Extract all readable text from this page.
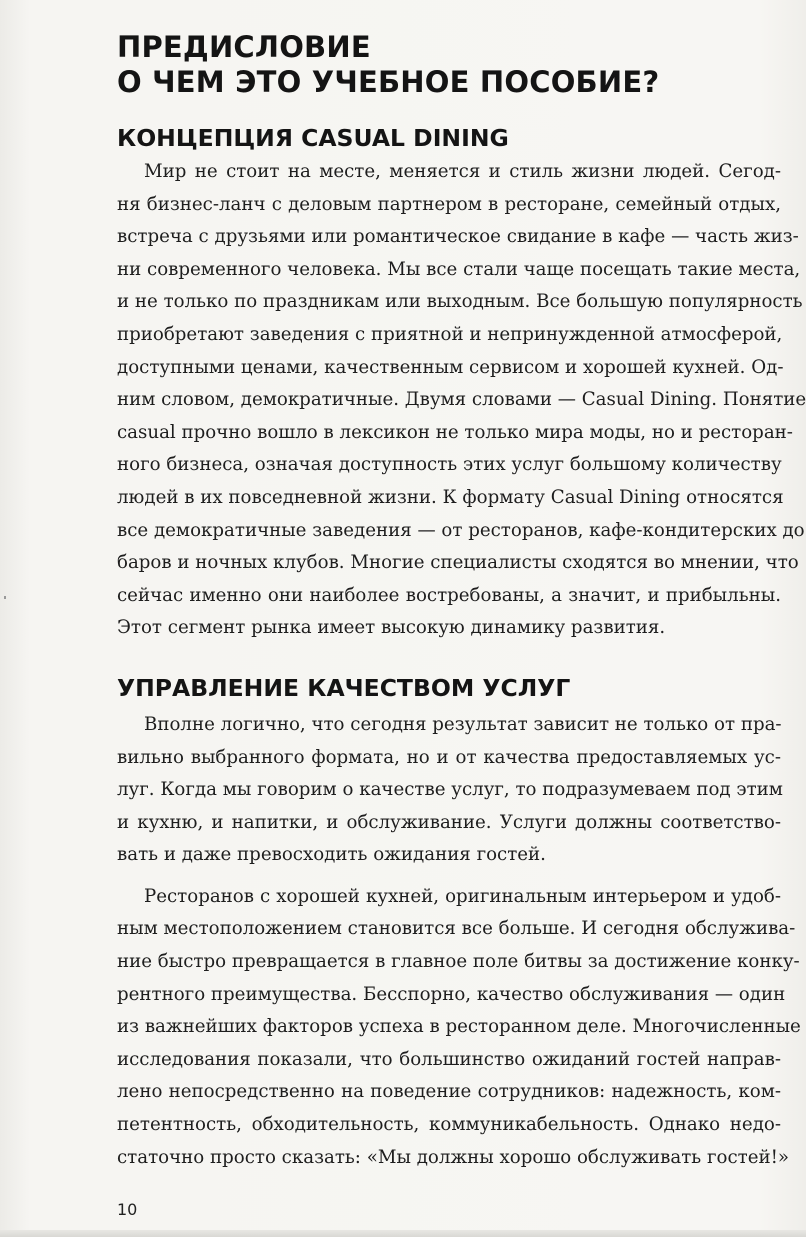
ПРЕДИСЛОВИЕ
О ЧЕМ ЭТО УЧЕБНОЕ ПОСОБИЕ?
КОНЦЕПЦИЯ CASUAL DINING

Мир не стоит на месте, меняется и стиль жизни людей. Сегод-
ня бизнес-ланч с деловым партнером в ресторане, семейный отдых,
встреча с друзьями или романтическое свидание в кафе — часть жиз-
ни современного человека. Мы все стали чаще посещать такие места,
и не только по праздникам или выходным. Все большую популярность
приобретают заведения с приятной и непринужденной атмосферой,
доступными ценами, качественным сервисом и хорошей кухней. Од-
ним словом, демократичные. Двумя словами — Casual Dining. Понятие
casual прочно вошло в лексикон не только мира моды, но и ресторан-
ного бизнеса, означая доступность этих услуг большому количеству
людей в их повседневной жизни. К формату Casual Dining относятся
все демократичные заведения — от ресторанов, кафе-кондитерских до
баров и ночных клубов. Многие специалисты сходятся во мнении, что
сейчас именно они наиболее востребованы, а значит, и прибыльны.
Этот сегмент рынка имеет высокую динамику развития.

УПРАВЛЕНИЕ КАЧЕСТВОМ УСЛУГ

Вполне логично, что сегодня результат зависит не только от пра-
вильно выбранного формата, но и от качества предоставляемых ус-
луг. Когда мы говорим о качестве услуг, то подразумеваем под этим
и кухню, и напитки, и обслуживание. Услуги должны соответство-
вать и даже превосходить ожидания гостей.

Ресторанов с хорошей кухней, оригинальным интерьером и удоб-
ным местоположением становится все больше. И сегодня обслужива-
ние быстро превращается в главное поле битвы за достижение конку-
рентного преимущества. Бесспорно, качество обслуживания — один
из важнейших факторов успеха в ресторанном деле. Многочисленные
исследования показали, что большинство ожиданий гостей направ-
лено непосредственно на поведение сотрудников: надежность, ком-
петентность, обходительность, коммуникабельность. Однако недо-
статочно просто сказать: «Мы должны хорошо обслуживать гостей!»

10
